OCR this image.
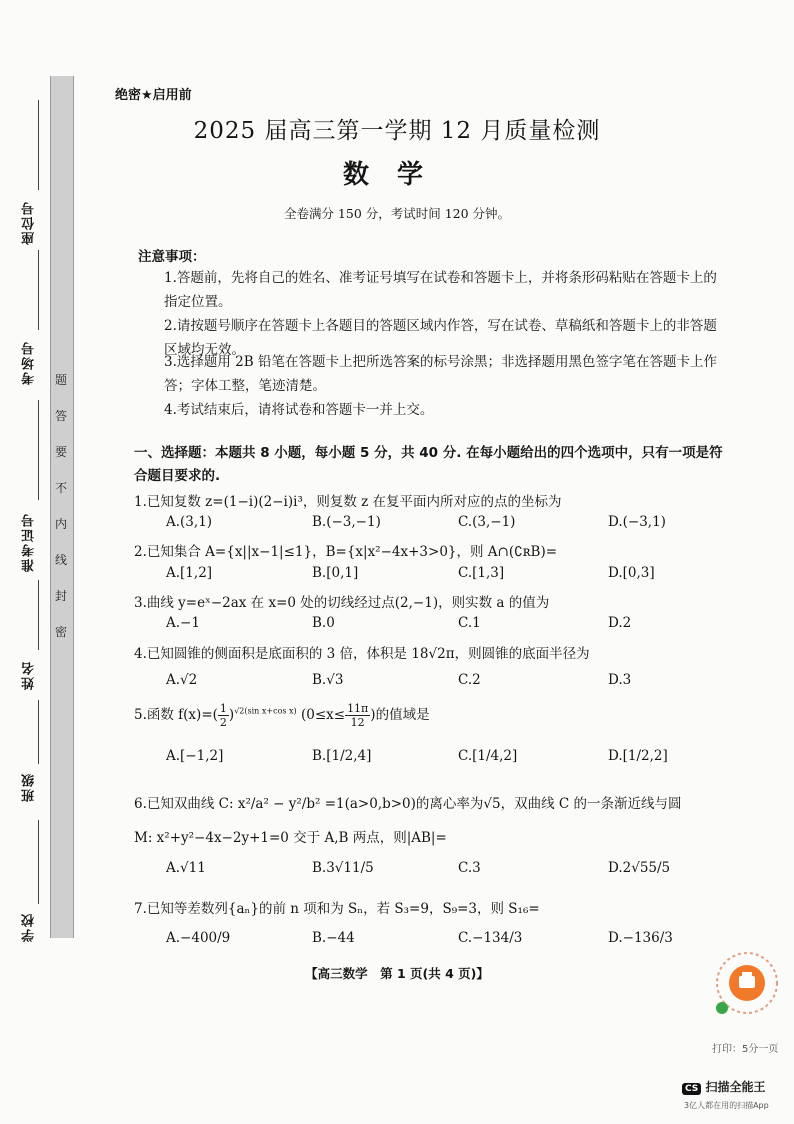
题
答
要
不
内
线
封
密
座位号
考场号
准考证号
姓名
班级
学校
绝密★启用前
2025 届高三第一学期 12 月质量检测
数学
全卷满分 150 分，考试时间 120 分钟。
注意事项：
1.答题前，先将自己的姓名、准考证号填写在试卷和答题卡上，并将条形码粘贴在答题卡上的指定位置。
2.请按题号顺序在答题卡上各题目的答题区域内作答，写在试卷、草稿纸和答题卡上的非答题区域均无效。
3.选择题用 2B 铅笔在答题卡上把所选答案的标号涂黑；非选择题用黑色签字笔在答题卡上作答；字体工整，笔迹清楚。
4.考试结束后，请将试卷和答题卡一并上交。
一、选择题：本题共 8 小题，每小题 5 分，共 40 分. 在每小题给出的四个选项中，只有一项是符合题目要求的.
1.已知复数 z=(1−i)(2−i)i³，则复数 z 在复平面内所对应的点的坐标为
A.(3,1)	B.(−3,−1)	C.(3,−1)	D.(−3,1)
2.已知集合 A={x||x−1|≤1}，B={x|x²−4x+3>0}，则 A∩(∁ʀB)=
A.[1,2]	B.[0,1]	C.[1,3]	D.[0,3]
3.曲线 y=eˣ−2ax 在 x=0 处的切线经过点(2,−1)，则实数 a 的值为
A.−1	B.0	C.1	D.2
4.已知圆锥的侧面积是底面积的 3 倍，体积是 18√2π，则圆锥的底面半径为
A.√2	B.√3	C.2	D.3
5.函数 $f(x)=( \frac{1}{2} )^{√2(sin x+cos x)}$ ($0\le x\le \frac{11\pi}{12}$ )的值域是
A.[−1,2]	B.[1/2,4]	C.[1/4,2]	D.[1/2,2]
6.已知双曲线 C: x²/a² − y²/b² =1(a>0,b>0)的离心率为√5，双曲线 C 的一条渐近线与圆
M: x²+y²−4x−2y+1=0 交于 A,B 两点，则|AB|=
A.√11	B.3√11/5	C.3	D.2√55/5
7.已知等差数列{aₙ}的前 n 项和为 Sₙ，若 S₃=9，S₉=3，则 S₁₆=
A.−400/9	B.−44	C.−134/3	D.−136/3
【高三数学　第 1 页(共 4 页)】
打印：5分一页
CS 扫描全能王
3亿人都在用的扫描App
